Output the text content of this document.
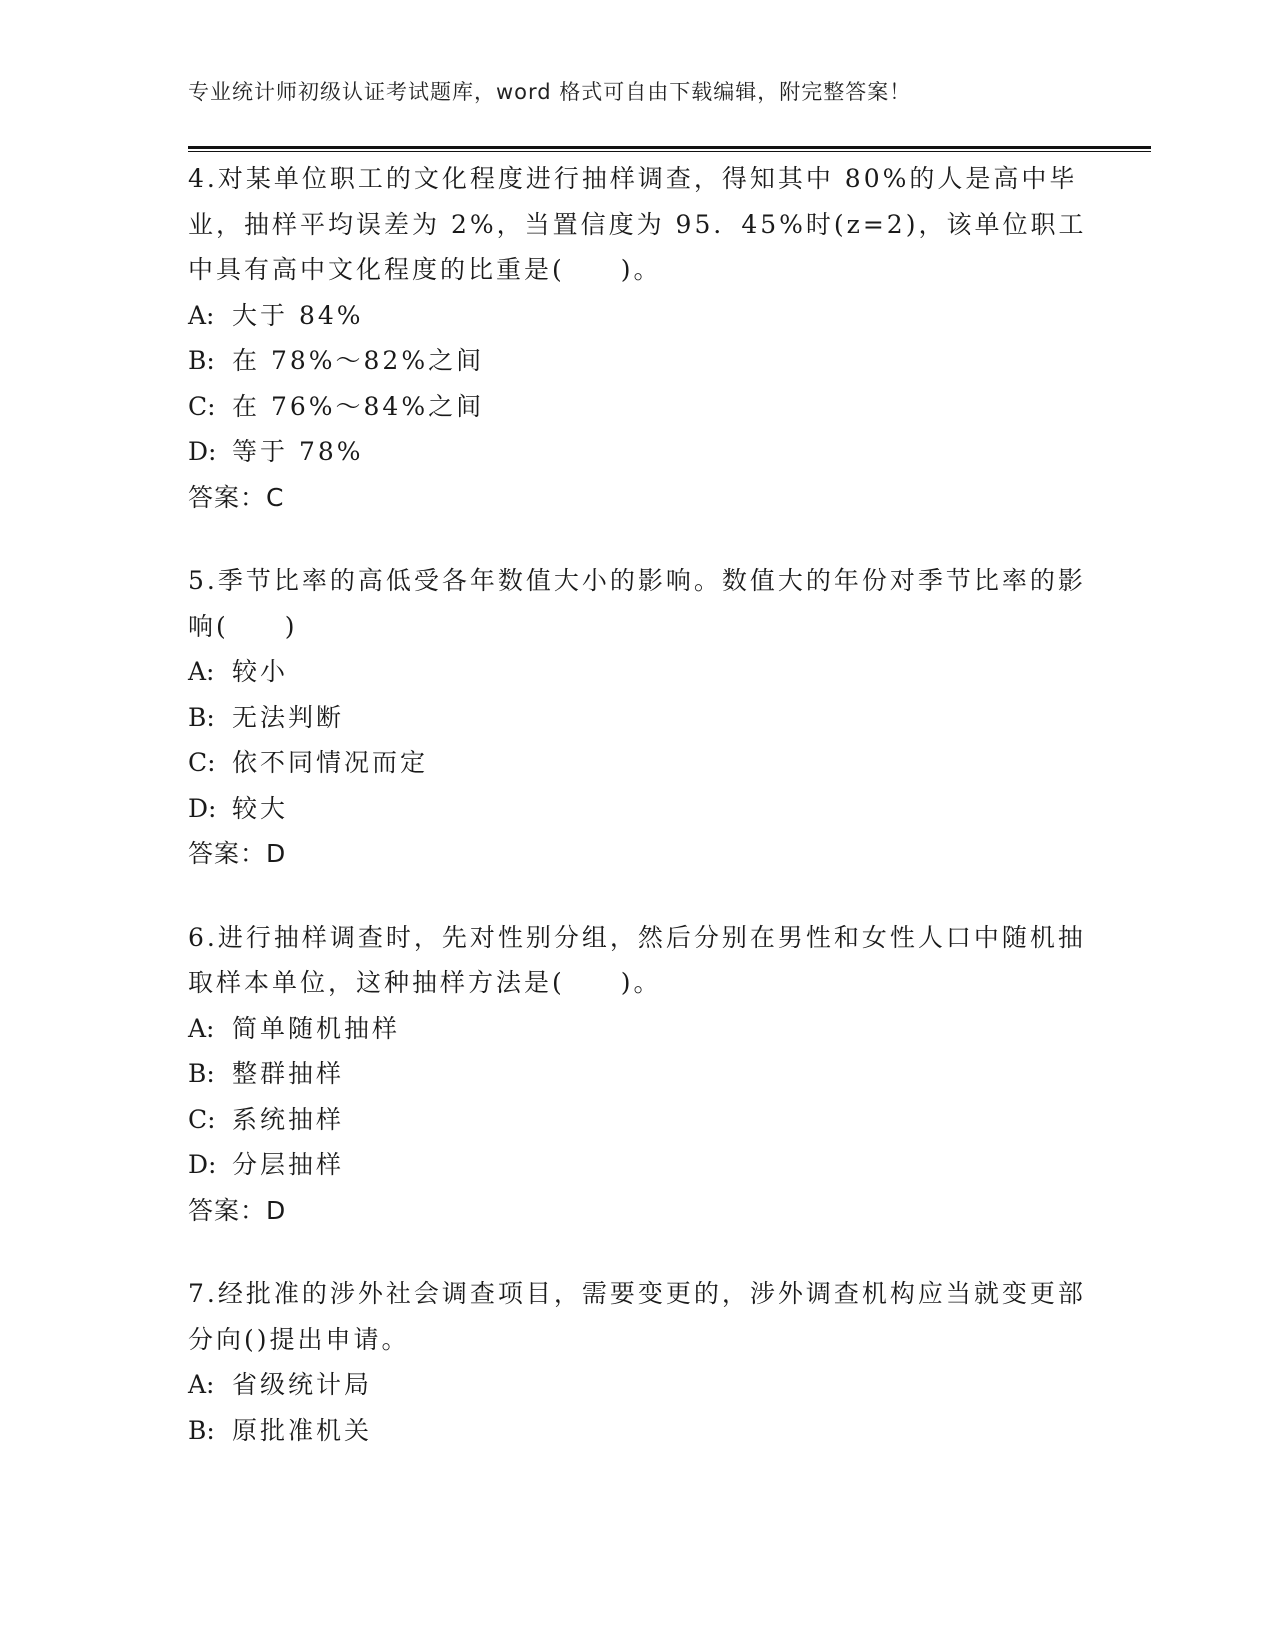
专业统计师初级认证考试题库，word 格式可自由下载编辑，附完整答案！

4.对某单位职工的文化程度进行抽样调查，得知其中 80%的人是高中毕业，抽样平均误差为 2%，当置信度为 95．45%时(z=2)，该单位职工中具有高中文化程度的比重是(　　)。

A: 大于 84%

B: 在 78%～82%之间

C: 在 76%～84%之间

D: 等于 78%

答案：C

5.季节比率的高低受各年数值大小的影响。数值大的年份对季节比率的影响(　　)

A: 较小

B: 无法判断

C: 依不同情况而定

D: 较大

答案：D

6.进行抽样调查时，先对性别分组，然后分别在男性和女性人口中随机抽取样本单位，这种抽样方法是(　　)。

A: 简单随机抽样

B: 整群抽样

C: 系统抽样

D: 分层抽样

答案：D

7.经批准的涉外社会调查项目，需要变更的，涉外调查机构应当就变更部分向()提出申请。

A: 省级统计局

B: 原批准机关
